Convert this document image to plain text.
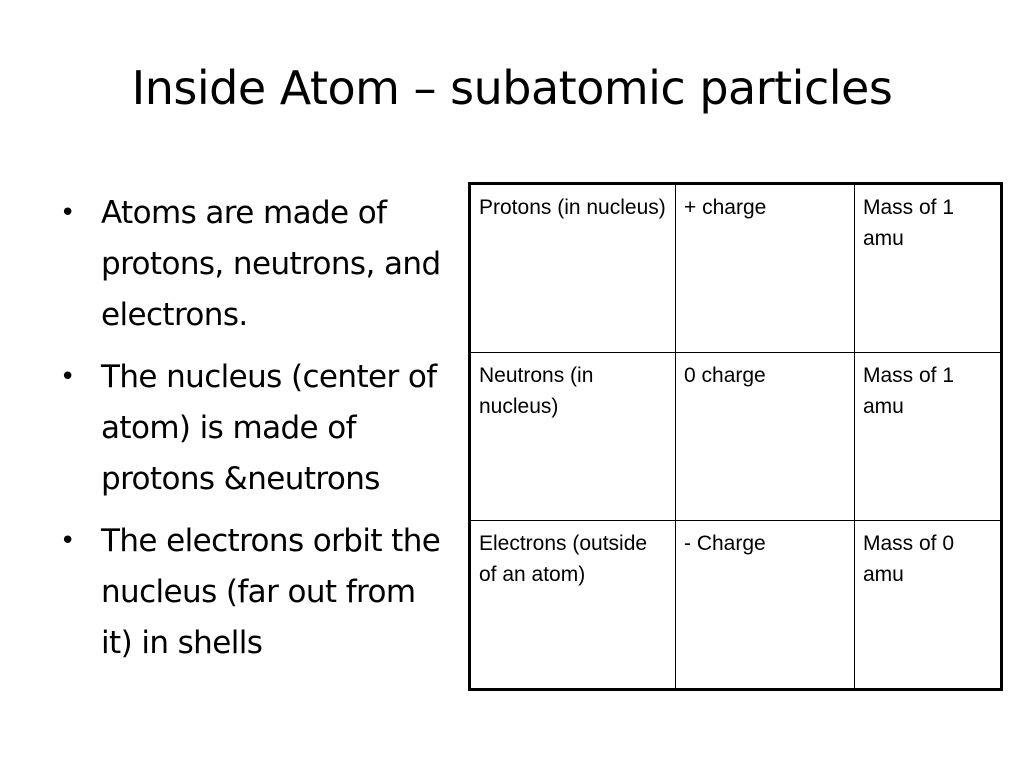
Inside Atom – subatomic particles
• Atoms are made of protons, neutrons, and electrons.
• The nucleus (center of atom) is made of protons &neutrons
• The electrons orbit the nucleus (far out from it) in shells
Protons (in nucleus)	+ charge	Mass of 1 amu
Neutrons (in nucleus)	0 charge	Mass of 1 amu
Electrons (outside of an atom)	- Charge	Mass of 0 amu
